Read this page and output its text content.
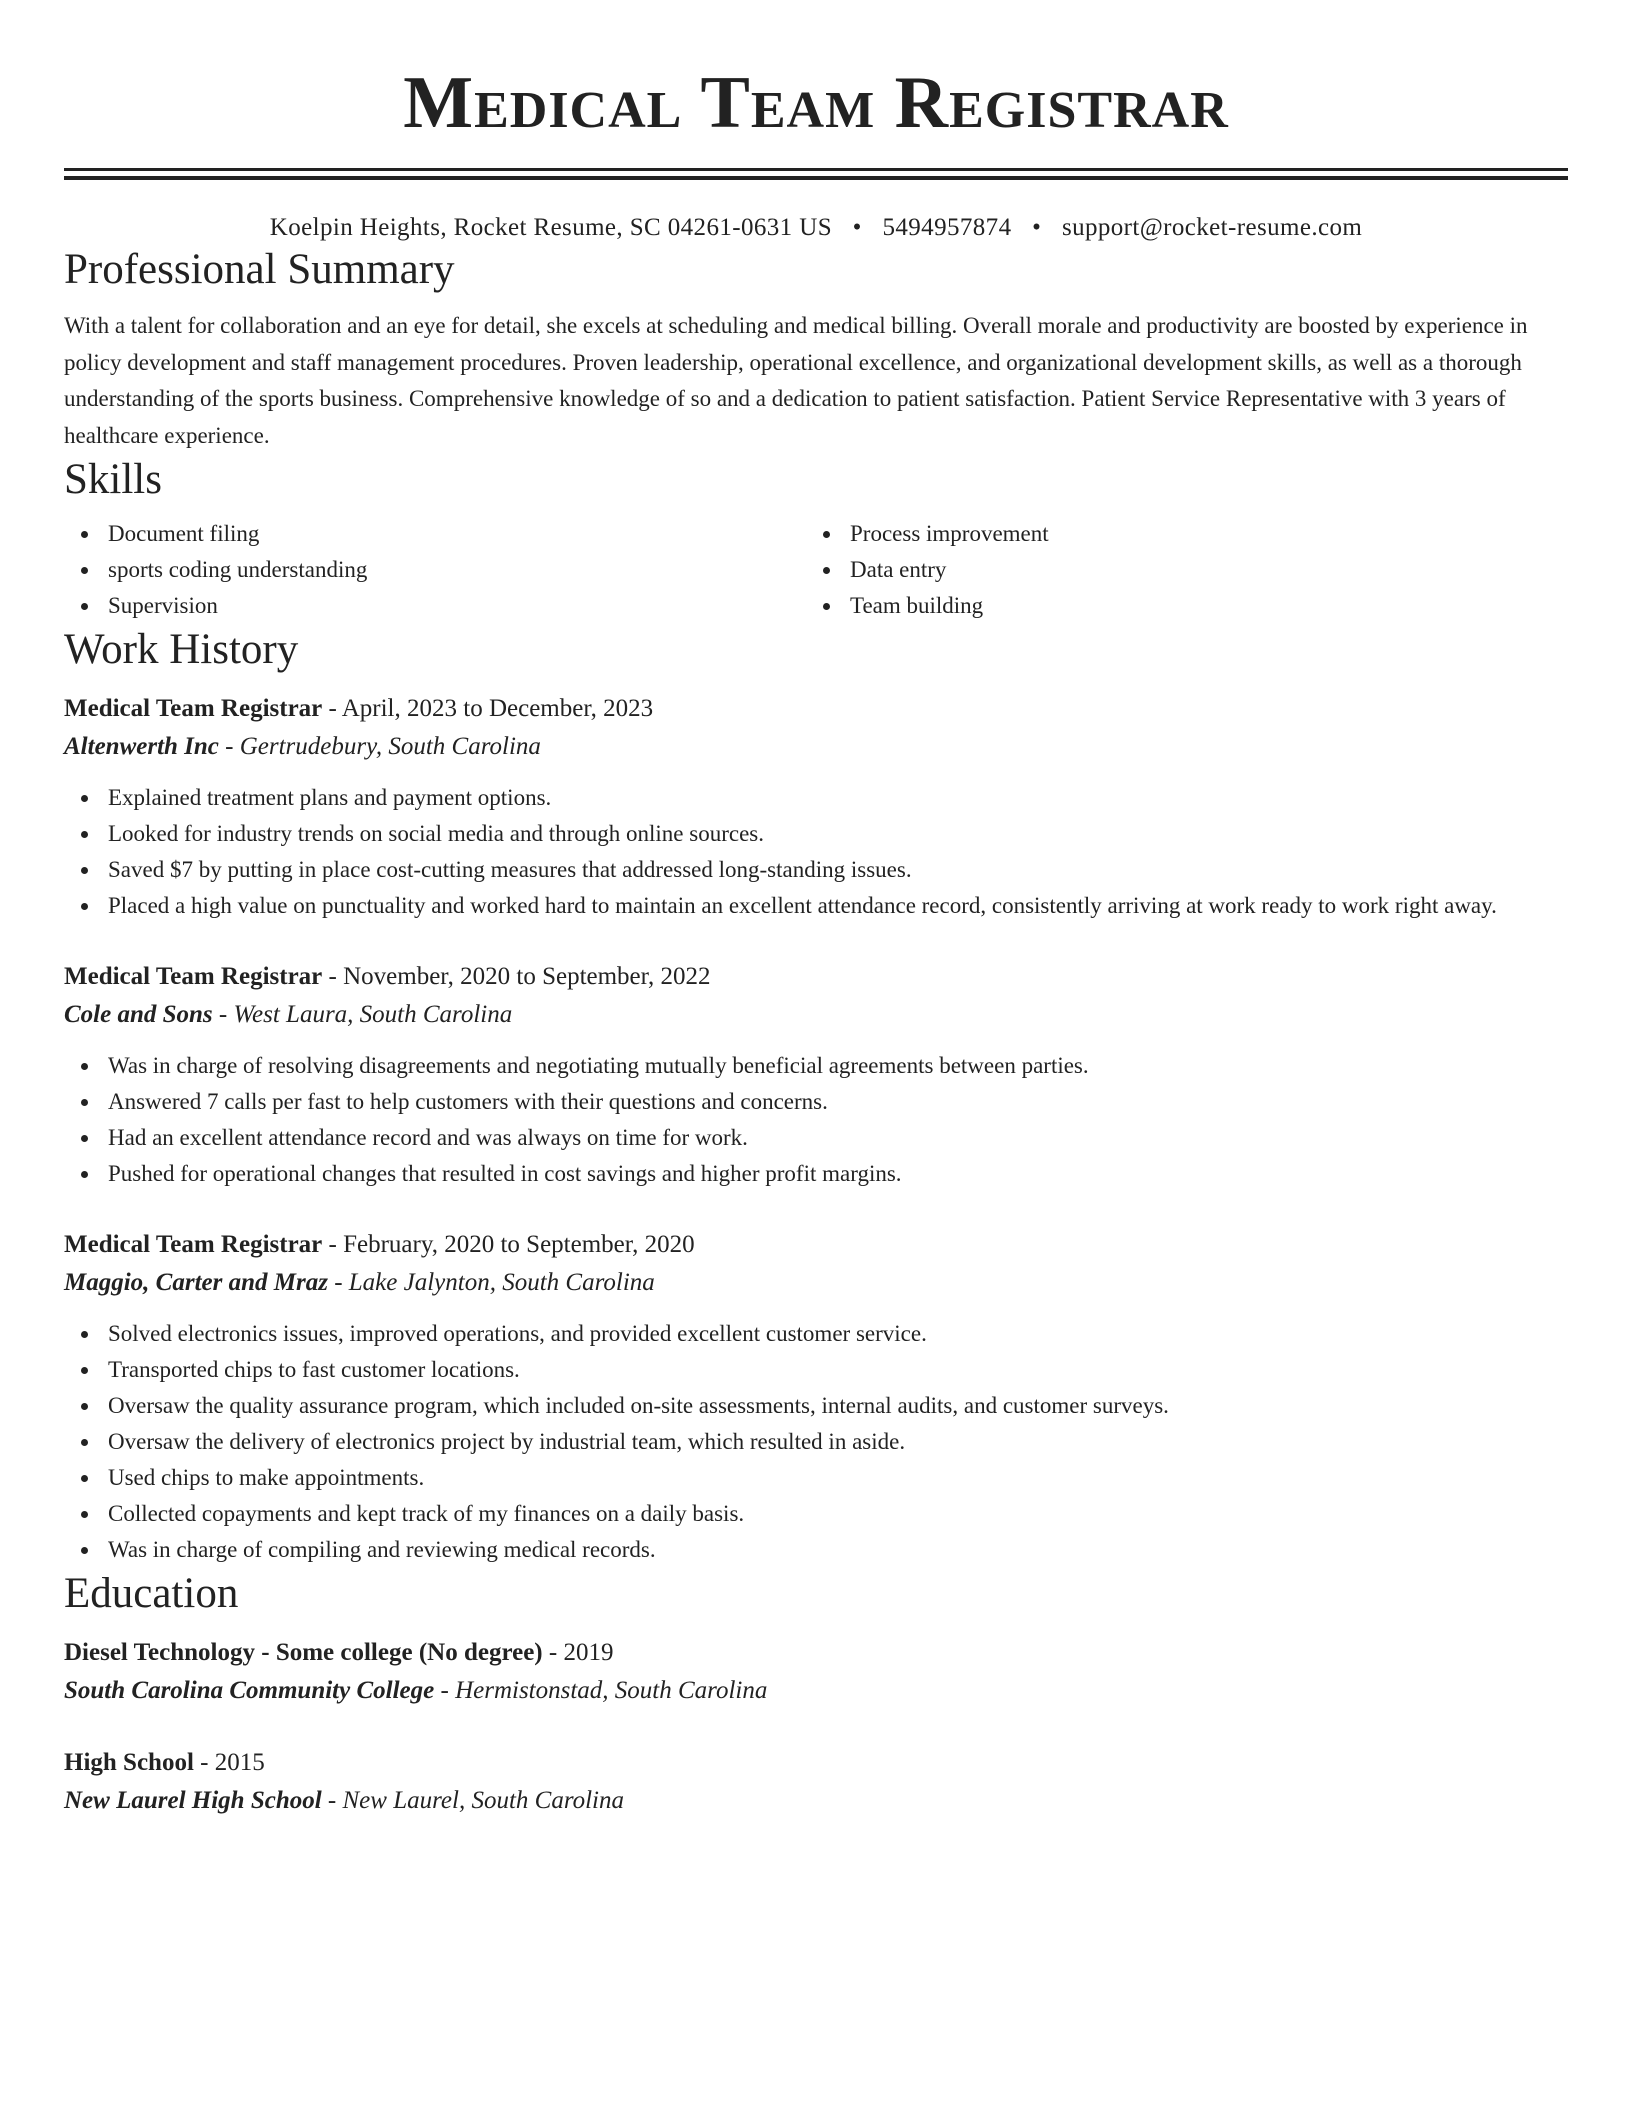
Medical Team Registrar
Koelpin Heights, Rocket Resume, SC 04261-0631 US • 5494957874 • support@rocket-resume.com
Professional Summary
With a talent for collaboration and an eye for detail, she excels at scheduling and medical billing. Overall morale and productivity are boosted by experience in policy development and staff management procedures. Proven leadership, operational excellence, and organizational development skills, as well as a thorough understanding of the sports business. Comprehensive knowledge of so and a dedication to patient satisfaction. Patient Service Representative with 3 years of healthcare experience.
Skills
Document filing
sports coding understanding
Supervision
Process improvement
Data entry
Team building
Work History
Medical Team Registrar - April, 2023 to December, 2023
Altenwerth Inc - Gertrudebury, South Carolina
Explained treatment plans and payment options.
Looked for industry trends on social media and through online sources.
Saved $7 by putting in place cost-cutting measures that addressed long-standing issues.
Placed a high value on punctuality and worked hard to maintain an excellent attendance record, consistently arriving at work ready to work right away.
Medical Team Registrar - November, 2020 to September, 2022
Cole and Sons - West Laura, South Carolina
Was in charge of resolving disagreements and negotiating mutually beneficial agreements between parties.
Answered 7 calls per fast to help customers with their questions and concerns.
Had an excellent attendance record and was always on time for work.
Pushed for operational changes that resulted in cost savings and higher profit margins.
Medical Team Registrar - February, 2020 to September, 2020
Maggio, Carter and Mraz - Lake Jalynton, South Carolina
Solved electronics issues, improved operations, and provided excellent customer service.
Transported chips to fast customer locations.
Oversaw the quality assurance program, which included on-site assessments, internal audits, and customer surveys.
Oversaw the delivery of electronics project by industrial team, which resulted in aside.
Used chips to make appointments.
Collected copayments and kept track of my finances on a daily basis.
Was in charge of compiling and reviewing medical records.
Education
Diesel Technology - Some college (No degree) - 2019
South Carolina Community College - Hermistonstad, South Carolina
High School - 2015
New Laurel High School - New Laurel, South Carolina
